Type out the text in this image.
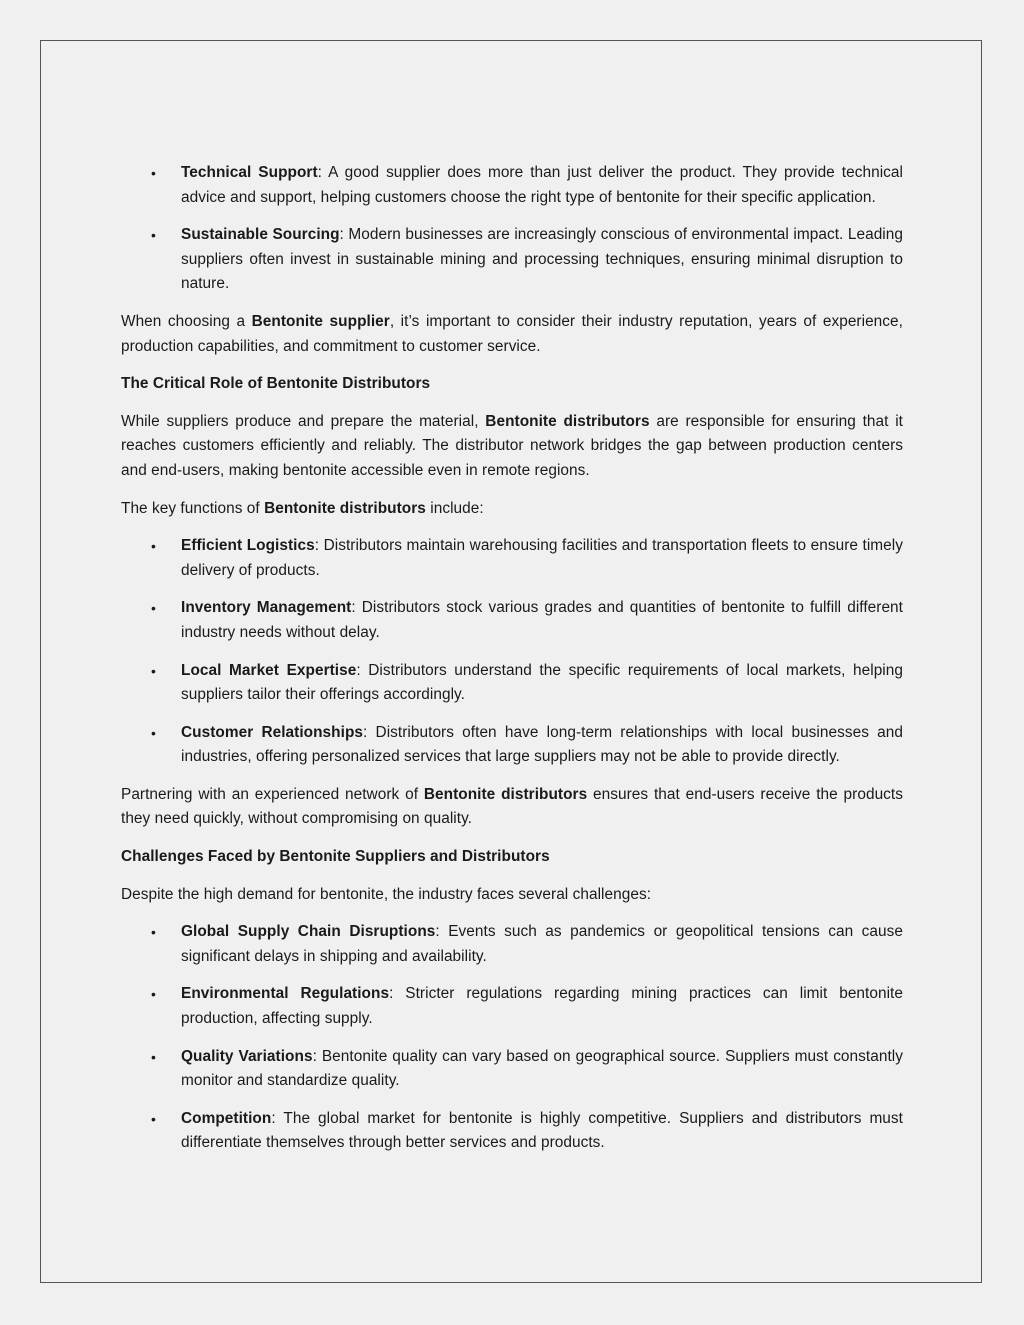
• Technical Support: A good supplier does more than just deliver the product. They provide technical advice and support, helping customers choose the right type of bentonite for their specific application.
• Sustainable Sourcing: Modern businesses are increasingly conscious of environmental impact. Leading suppliers often invest in sustainable mining and processing techniques, ensuring minimal disruption to nature.

When choosing a Bentonite supplier, it’s important to consider their industry reputation, years of experience, production capabilities, and commitment to customer service.

The Critical Role of Bentonite Distributors

While suppliers produce and prepare the material, Bentonite distributors are responsible for ensuring that it reaches customers efficiently and reliably. The distributor network bridges the gap between production centers and end-users, making bentonite accessible even in remote regions.

The key functions of Bentonite distributors include:

• Efficient Logistics: Distributors maintain warehousing facilities and transportation fleets to ensure timely delivery of products.
• Inventory Management: Distributors stock various grades and quantities of bentonite to fulfill different industry needs without delay.
• Local Market Expertise: Distributors understand the specific requirements of local markets, helping suppliers tailor their offerings accordingly.
• Customer Relationships: Distributors often have long-term relationships with local businesses and industries, offering personalized services that large suppliers may not be able to provide directly.

Partnering with an experienced network of Bentonite distributors ensures that end-users receive the products they need quickly, without compromising on quality.

Challenges Faced by Bentonite Suppliers and Distributors

Despite the high demand for bentonite, the industry faces several challenges:

• Global Supply Chain Disruptions: Events such as pandemics or geopolitical tensions can cause significant delays in shipping and availability.
• Environmental Regulations: Stricter regulations regarding mining practices can limit bentonite production, affecting supply.
• Quality Variations: Bentonite quality can vary based on geographical source. Suppliers must constantly monitor and standardize quality.
• Competition: The global market for bentonite is highly competitive. Suppliers and distributors must differentiate themselves through better services and products.
